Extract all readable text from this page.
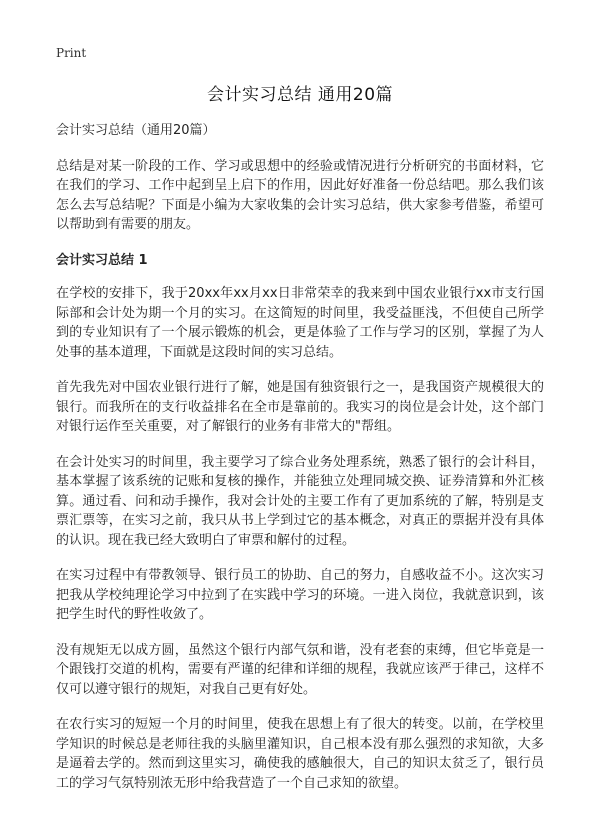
Print
会计实习总结 通用20篇

会计实习总结（通用20篇）

总结是对某一阶段的工作、学习或思想中的经验或情况进行分析研究的书面材料，它在我们的学习、工作中起到呈上启下的作用，因此好好准备一份总结吧。那么我们该怎么去写总结呢？下面是小编为大家收集的会计实习总结，供大家参考借鉴，希望可以帮助到有需要的朋友。

会计实习总结 1

在学校的安排下，我于20xx年xx月xx日非常荣幸的我来到中国农业银行xx市支行国际部和会计处为期一个月的实习。在这简短的时间里，我受益匪浅，不但使自己所学到的专业知识有了一个展示锻炼的机会，更是体验了工作与学习的区别，掌握了为人处事的基本道理，下面就是这段时间的实习总结。

首先我先对中国农业银行进行了解，她是国有独资银行之一，是我国资产规模很大的银行。而我所在的支行收益排名在全市是靠前的。我实习的岗位是会计处，这个部门对银行运作至关重要，对了解银行的业务有非常大的"帮组。

在会计处实习的时间里，我主要学习了综合业务处理系统，熟悉了银行的会计科目，基本掌握了该系统的记账和复核的操作，并能独立处理同城交换、证券清算和外汇核算。通过看、问和动手操作，我对会计处的主要工作有了更加系统的了解，特别是支票汇票等，在实习之前，我只从书上学到过它的基本概念，对真正的票据并没有具体的认识。现在我已经大致明白了审票和解付的过程。

在实习过程中有带教领导、银行员工的协助、自己的努力，自感收益不小。这次实习把我从学校纯理论学习中拉到了在实践中学习的环境。一进入岗位，我就意识到，该把学生时代的野性收敛了。

没有规矩无以成方圆，虽然这个银行内部气氛和谐，没有老套的束缚，但它毕竟是一个跟钱打交道的机构，需要有严谨的纪律和详细的规程，我就应该严于律己，这样不仅可以遵守银行的规矩，对我自己更有好处。

在农行实习的短短一个月的时间里，使我在思想上有了很大的转变。以前，在学校里学知识的时候总是老师往我的头脑里灌知识，自己根本没有那么强烈的求知欲，大多是逼着去学的。然而到这里实习，确使我的感触很大，自己的知识太贫乏了，银行员工的学习气氛特别浓无形中给我营造了一个自己求知的欲望。
